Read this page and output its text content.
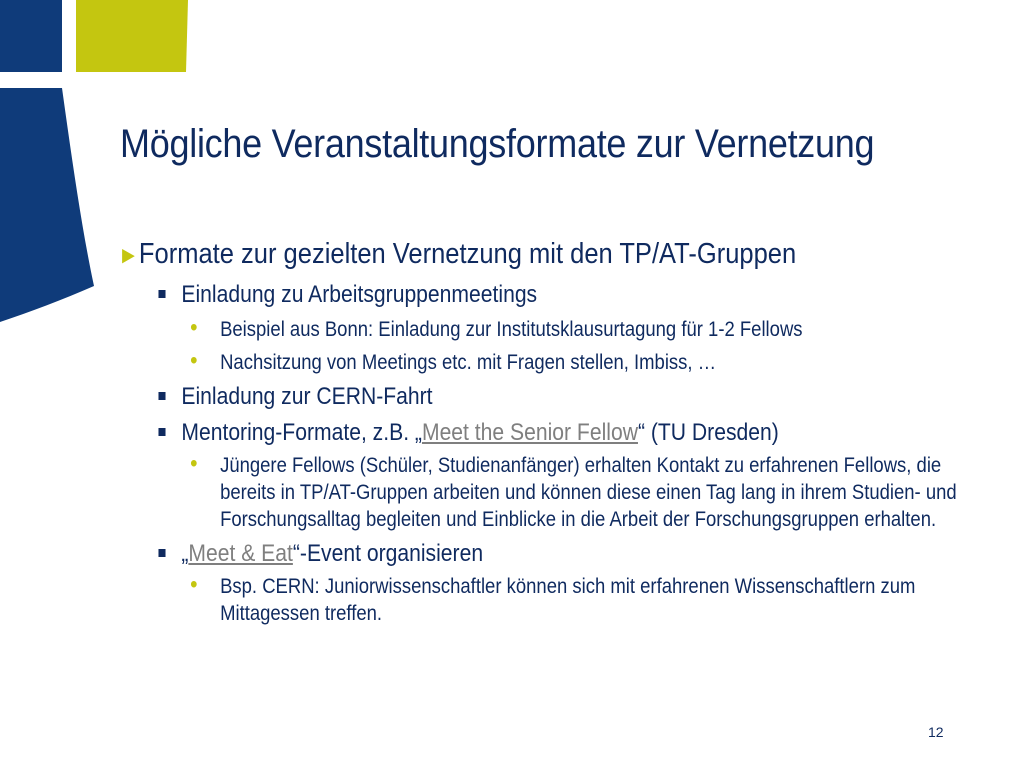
Mögliche Veranstaltungsformate zur Vernetzung
►Formate zur gezielten Vernetzung mit den TP/AT-Gruppen
Einladung zu Arbeitsgruppenmeetings
• Beispiel aus Bonn: Einladung zur Institutsklausurtagung für 1-2 Fellows
• Nachsitzung von Meetings etc. mit Fragen stellen, Imbiss, …
Einladung zur CERN-Fahrt
Mentoring-Formate, z.B. „Meet the Senior Fellow“ (TU Dresden)
• Jüngere Fellows (Schüler, Studienanfänger) erhalten Kontakt zu erfahrenen Fellows, die bereits in TP/AT-Gruppen arbeiten und können diese einen Tag lang in ihrem Studien- und Forschungsalltag begleiten und Einblicke in die Arbeit der Forschungsgruppen erhalten.
„Meet & Eat“-Event organisieren
• Bsp. CERN: Juniorwissenschaftler können sich mit erfahrenen Wissenschaftlern zum Mittagessen treffen.
12
